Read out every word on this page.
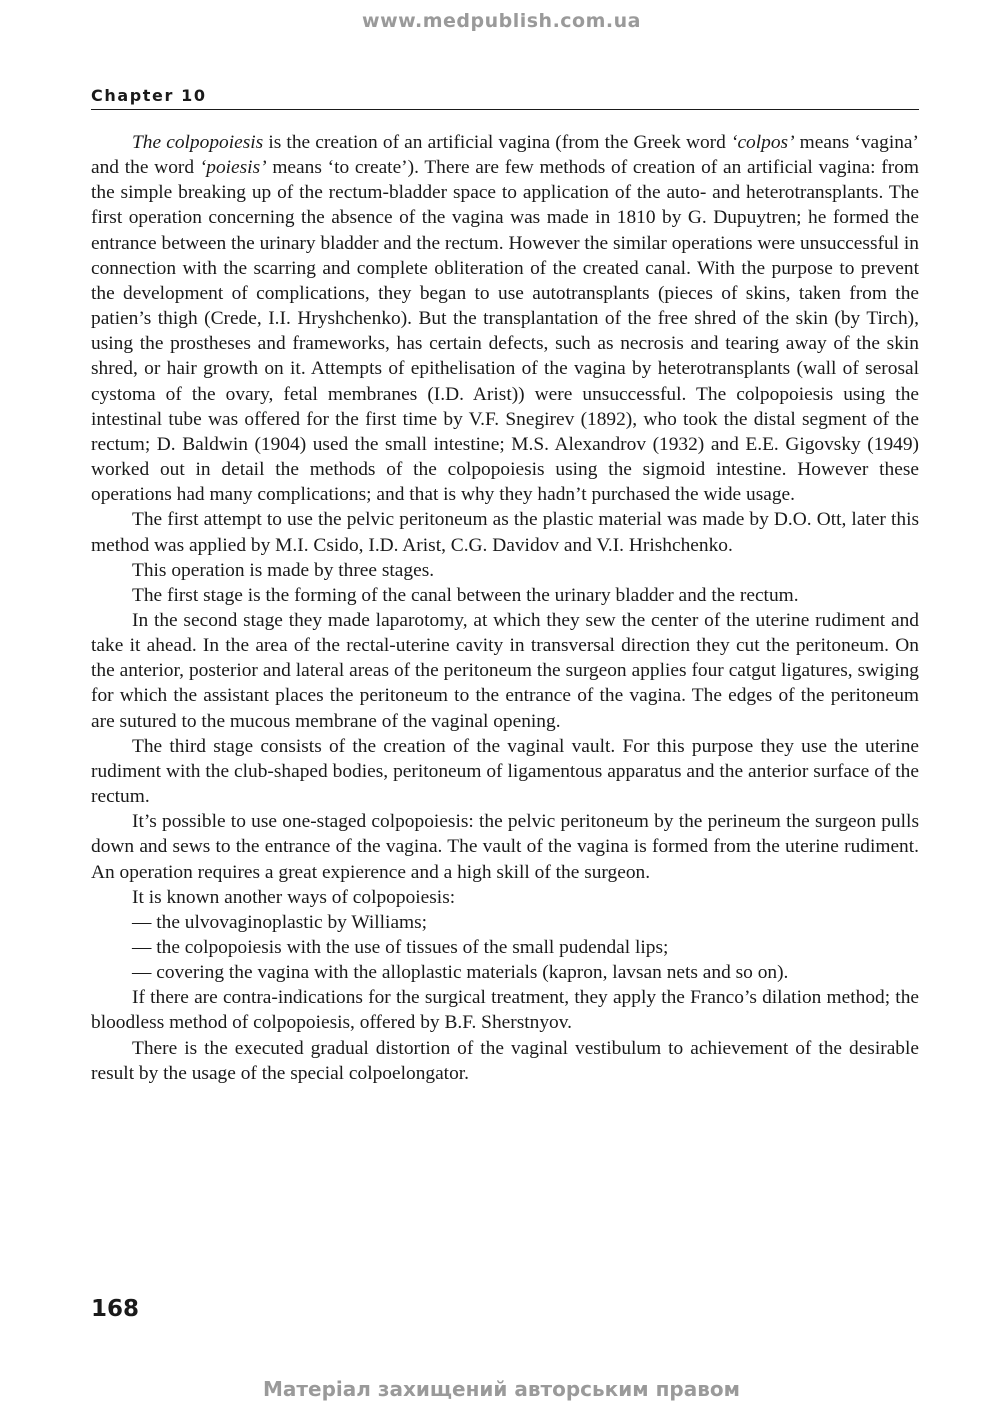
www.medpublish.com.ua
Chapter 10

The colpopoiesis is the creation of an artificial vagina (from the Greek word ‘colpos’ means ‘vagina’ and the word ‘poiesis’ means ‘to create’). There are few methods of creation of an artificial vagina: from the simple breaking up of the rectum-bladder space to application of the auto- and heterotransplants. The first operation concerning the absence of the vagina was made in 1810 by G. Dupuytren; he formed the entrance between the urinary bladder and the rectum. However the similar operations were unsuccessful in connection with the scarring and complete obliteration of the created canal. With the purpose to prevent the development of complications, they began to use autotransplants (pieces of skins, taken from the patien’s thigh (Crede, I.I. Hryshchenko). But the transplantation of the free shred of the skin (by Tirch), using the prostheses and frameworks, has certain defects, such as necrosis and tearing away of the skin shred, or hair growth on it. Attempts of epithelisation of the vagina by heterotransplants (wall of serosal cystoma of the ovary, fetal membranes (I.D. Arist)) were unsuccessful. The colpopoiesis using the intestinal tube was offered for the first time by V.F. Snegirev (1892), who took the distal segment of the rectum; D. Baldwin (1904) used the small intestine; M.S. Alexandrov (1932) and E.E. Gigovsky (1949) worked out in detail the methods of the colpopoiesis using the sigmoid intestine. However these operations had many complications; and that is why they hadn’t purchased the wide usage.

The first attempt to use the pelvic peritoneum as the plastic material was made by D.O. Ott, later this method was applied by M.I. Csido, I.D. Arist, C.G. Davidov and V.I. Hrishchenko.

This operation is made by three stages.

The first stage is the forming of the canal between the urinary bladder and the rectum.

In the second stage they made laparotomy, at which they sew the center of the uterine rudiment and take it ahead. In the area of the rectal-uterine cavity in transversal direction they cut the peritoneum. On the anterior, posterior and lateral areas of the peritoneum the surgeon applies four catgut ligatures, swiging for which the assistant places the peritoneum to the entrance of the vagina. The edges of the peritoneum are sutured to the mucous membrane of the vaginal opening.

The third stage consists of the creation of the vaginal vault. For this purpose they use the uterine rudiment with the club-shaped bodies, peritoneum of ligamentous apparatus and the anterior surface of the rectum.

It’s possible to use one-staged colpopoiesis: the pelvic peritoneum by the perineum the surgeon pulls down and sews to the entrance of the vagina. The vault of the vagina is formed from the uterine rudiment. An operation requires a great expierence and a high skill of the surgeon.

It is known another ways of colpopoiesis:

— the ulvovaginoplastic by Williams;

— the colpopoiesis with the use of tissues of the small pudendal lips;

— covering the vagina with the alloplastic materials (kapron, lavsan nets and so on).

If there are contra-indications for the surgical treatment, they apply the Franco’s dilation method; the bloodless method of colpopoiesis, offered by B.F. Sherstnyov.

There is the executed gradual distortion of the vaginal vestibulum to achievement of the desirable result by the usage of the special colpoelongator.

168
Матеріал захищений авторським правом
